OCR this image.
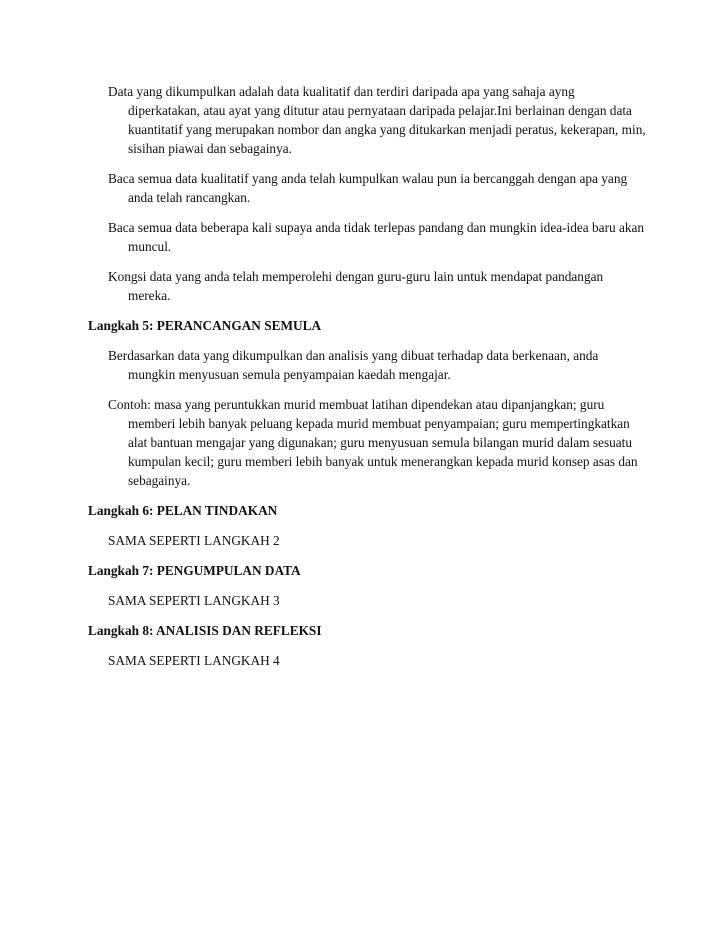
Data yang dikumpulkan adalah data kualitatif dan terdiri daripada apa yang sahaja ayng diperkatakan, atau ayat yang ditutur atau pernyataan daripada pelajar.Ini berlainan dengan data kuantitatif yang merupakan nombor dan angka yang ditukarkan menjadi peratus, kekerapan, min, sisihan piawai dan sebagainya.

Baca semua data kualitatif yang anda telah kumpulkan walau pun ia bercanggah dengan apa yang anda telah rancangkan.

Baca semua data beberapa kali supaya anda tidak terlepas pandang dan mungkin idea-idea baru akan muncul.

Kongsi data yang anda telah memperolehi dengan guru-guru lain untuk mendapat pandangan mereka.

Langkah 5: PERANCANGAN SEMULA

Berdasarkan data yang dikumpulkan dan analisis yang dibuat terhadap data berkenaan, anda mungkin menyusuan semula penyampaian kaedah mengajar.

Contoh: masa yang peruntukkan murid membuat latihan dipendekan atau dipanjangkan; guru memberi lebih banyak peluang kepada murid membuat penyampaian; guru mempertingkatkan alat bantuan mengajar yang digunakan; guru menyusuan semula bilangan murid dalam sesuatu kumpulan kecil; guru memberi lebih banyak untuk menerangkan kepada murid konsep asas dan sebagainya.

Langkah 6: PELAN TINDAKAN

SAMA SEPERTI LANGKAH 2

Langkah 7: PENGUMPULAN DATA

SAMA SEPERTI LANGKAH 3

Langkah 8: ANALISIS DAN REFLEKSI

SAMA SEPERTI LANGKAH 4
